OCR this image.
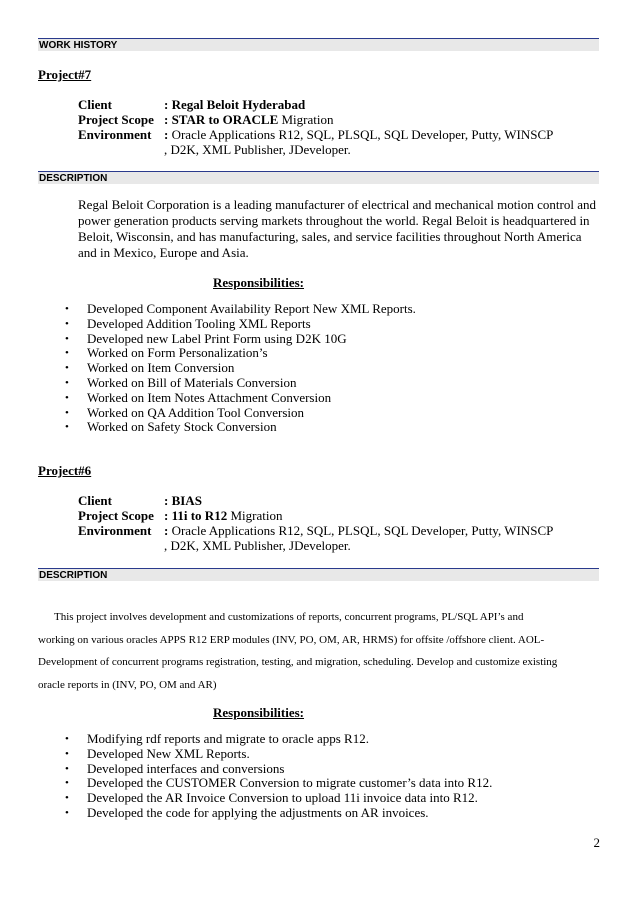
WORK HISTORY
Project#7
Client	: Regal Beloit Hyderabad
Project Scope : STAR to ORACLE Migration
Environment : Oracle Applications R12, SQL, PLSQL, SQL Developer, Putty, WINSCP
, D2K, XML Publisher, JDeveloper.
DESCRIPTION
Regal Beloit Corporation is a leading manufacturer of electrical and mechanical motion control and power generation products serving markets throughout the world. Regal Beloit is headquartered in Beloit, Wisconsin, and has manufacturing, sales, and service facilities throughout North America and in Mexico, Europe and Asia.
Responsibilities:
• Developed Component Availability Report New XML Reports.
• Developed Addition Tooling XML Reports
• Developed new Label Print Form using D2K 10G
• Worked on Form Personalization’s
• Worked on Item Conversion
• Worked on Bill of Materials Conversion
• Worked on Item Notes Attachment Conversion
• Worked on QA Addition Tool Conversion
• Worked on Safety Stock Conversion
Project#6
Client	: BIAS
Project Scope : 11i to R12 Migration
Environment : Oracle Applications R12, SQL, PLSQL, SQL Developer, Putty, WINSCP
, D2K, XML Publisher, JDeveloper.
DESCRIPTION
This project involves development and customizations of reports, concurrent programs, PL/SQL API’s and
working on various oracles APPS R12 ERP modules (INV, PO, OM, AR, HRMS) for offsite /offshore client. AOL-
Development of concurrent programs registration, testing, and migration, scheduling. Develop and customize existing
oracle reports in (INV, PO, OM and AR)
Responsibilities:
• Modifying rdf reports and migrate to oracle apps R12.
• Developed New XML Reports.
• Developed interfaces and conversions
• Developed the CUSTOMER Conversion to migrate customer’s data into R12.
• Developed the AR Invoice Conversion to upload 11i invoice data into R12.
• Developed the code for applying the adjustments on AR invoices.
2
